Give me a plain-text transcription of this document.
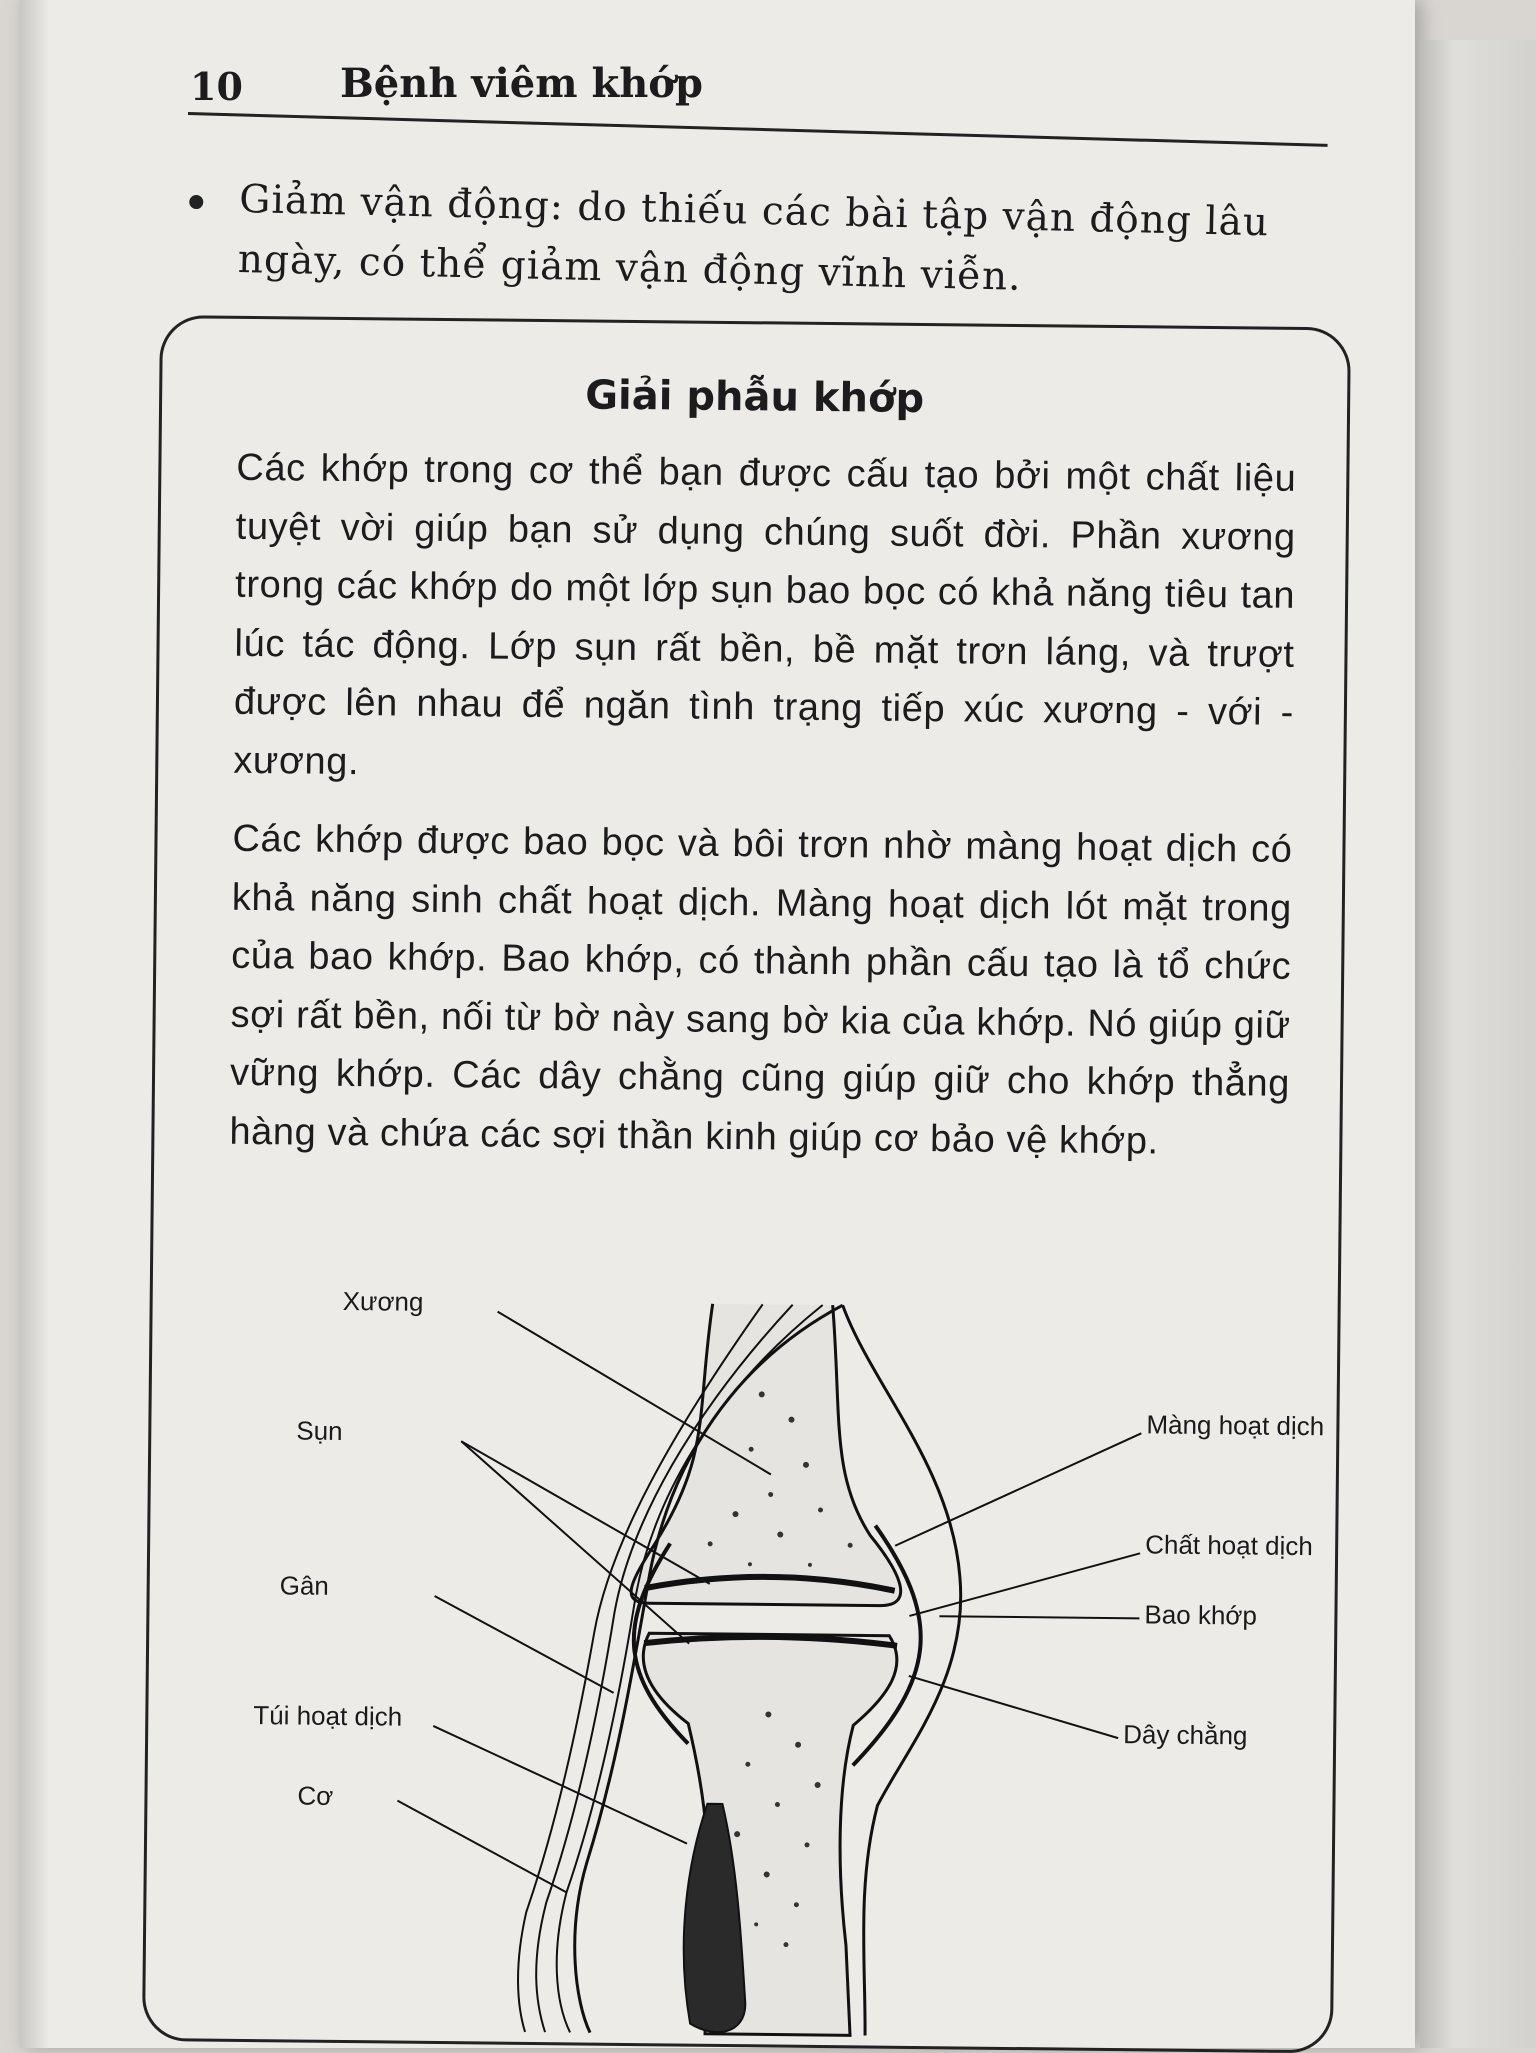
10 Bệnh viêm khớp
Giảm vận động: do thiếu các bài tập vận động lâu
ngày, có thể giảm vận động vĩnh viễn.
Giải phẫu khớp

Các khớp trong cơ thể bạn được cấu tạo bởi một chất liệu tuyệt vời giúp bạn sử dụng chúng suốt đời. Phần xương trong các khớp do một lớp sụn bao bọc có khả năng tiêu tan lúc tác động. Lớp sụn rất bền, bề mặt trơn láng, và trượt được lên nhau để ngăn tình trạng tiếp xúc xương - với - xương.

Các khớp được bao bọc và bôi trơn nhờ màng hoạt dịch có khả năng sinh chất hoạt dịch. Màng hoạt dịch lót mặt trong của bao khớp. Bao khớp, có thành phần cấu tạo là tổ chức sợi rất bền, nối từ bờ này sang bờ kia của khớp. Nó giúp giữ vững khớp. Các dây chằng cũng giúp giữ cho khớp thẳng hàng và chứa các sợi thần kinh giúp cơ bảo vệ khớp.

Xương
Sụn
Gân
Túi hoạt dịch
Cơ
Màng hoạt dịch
Chất hoạt dịch
Bao khớp
Dây chằng
